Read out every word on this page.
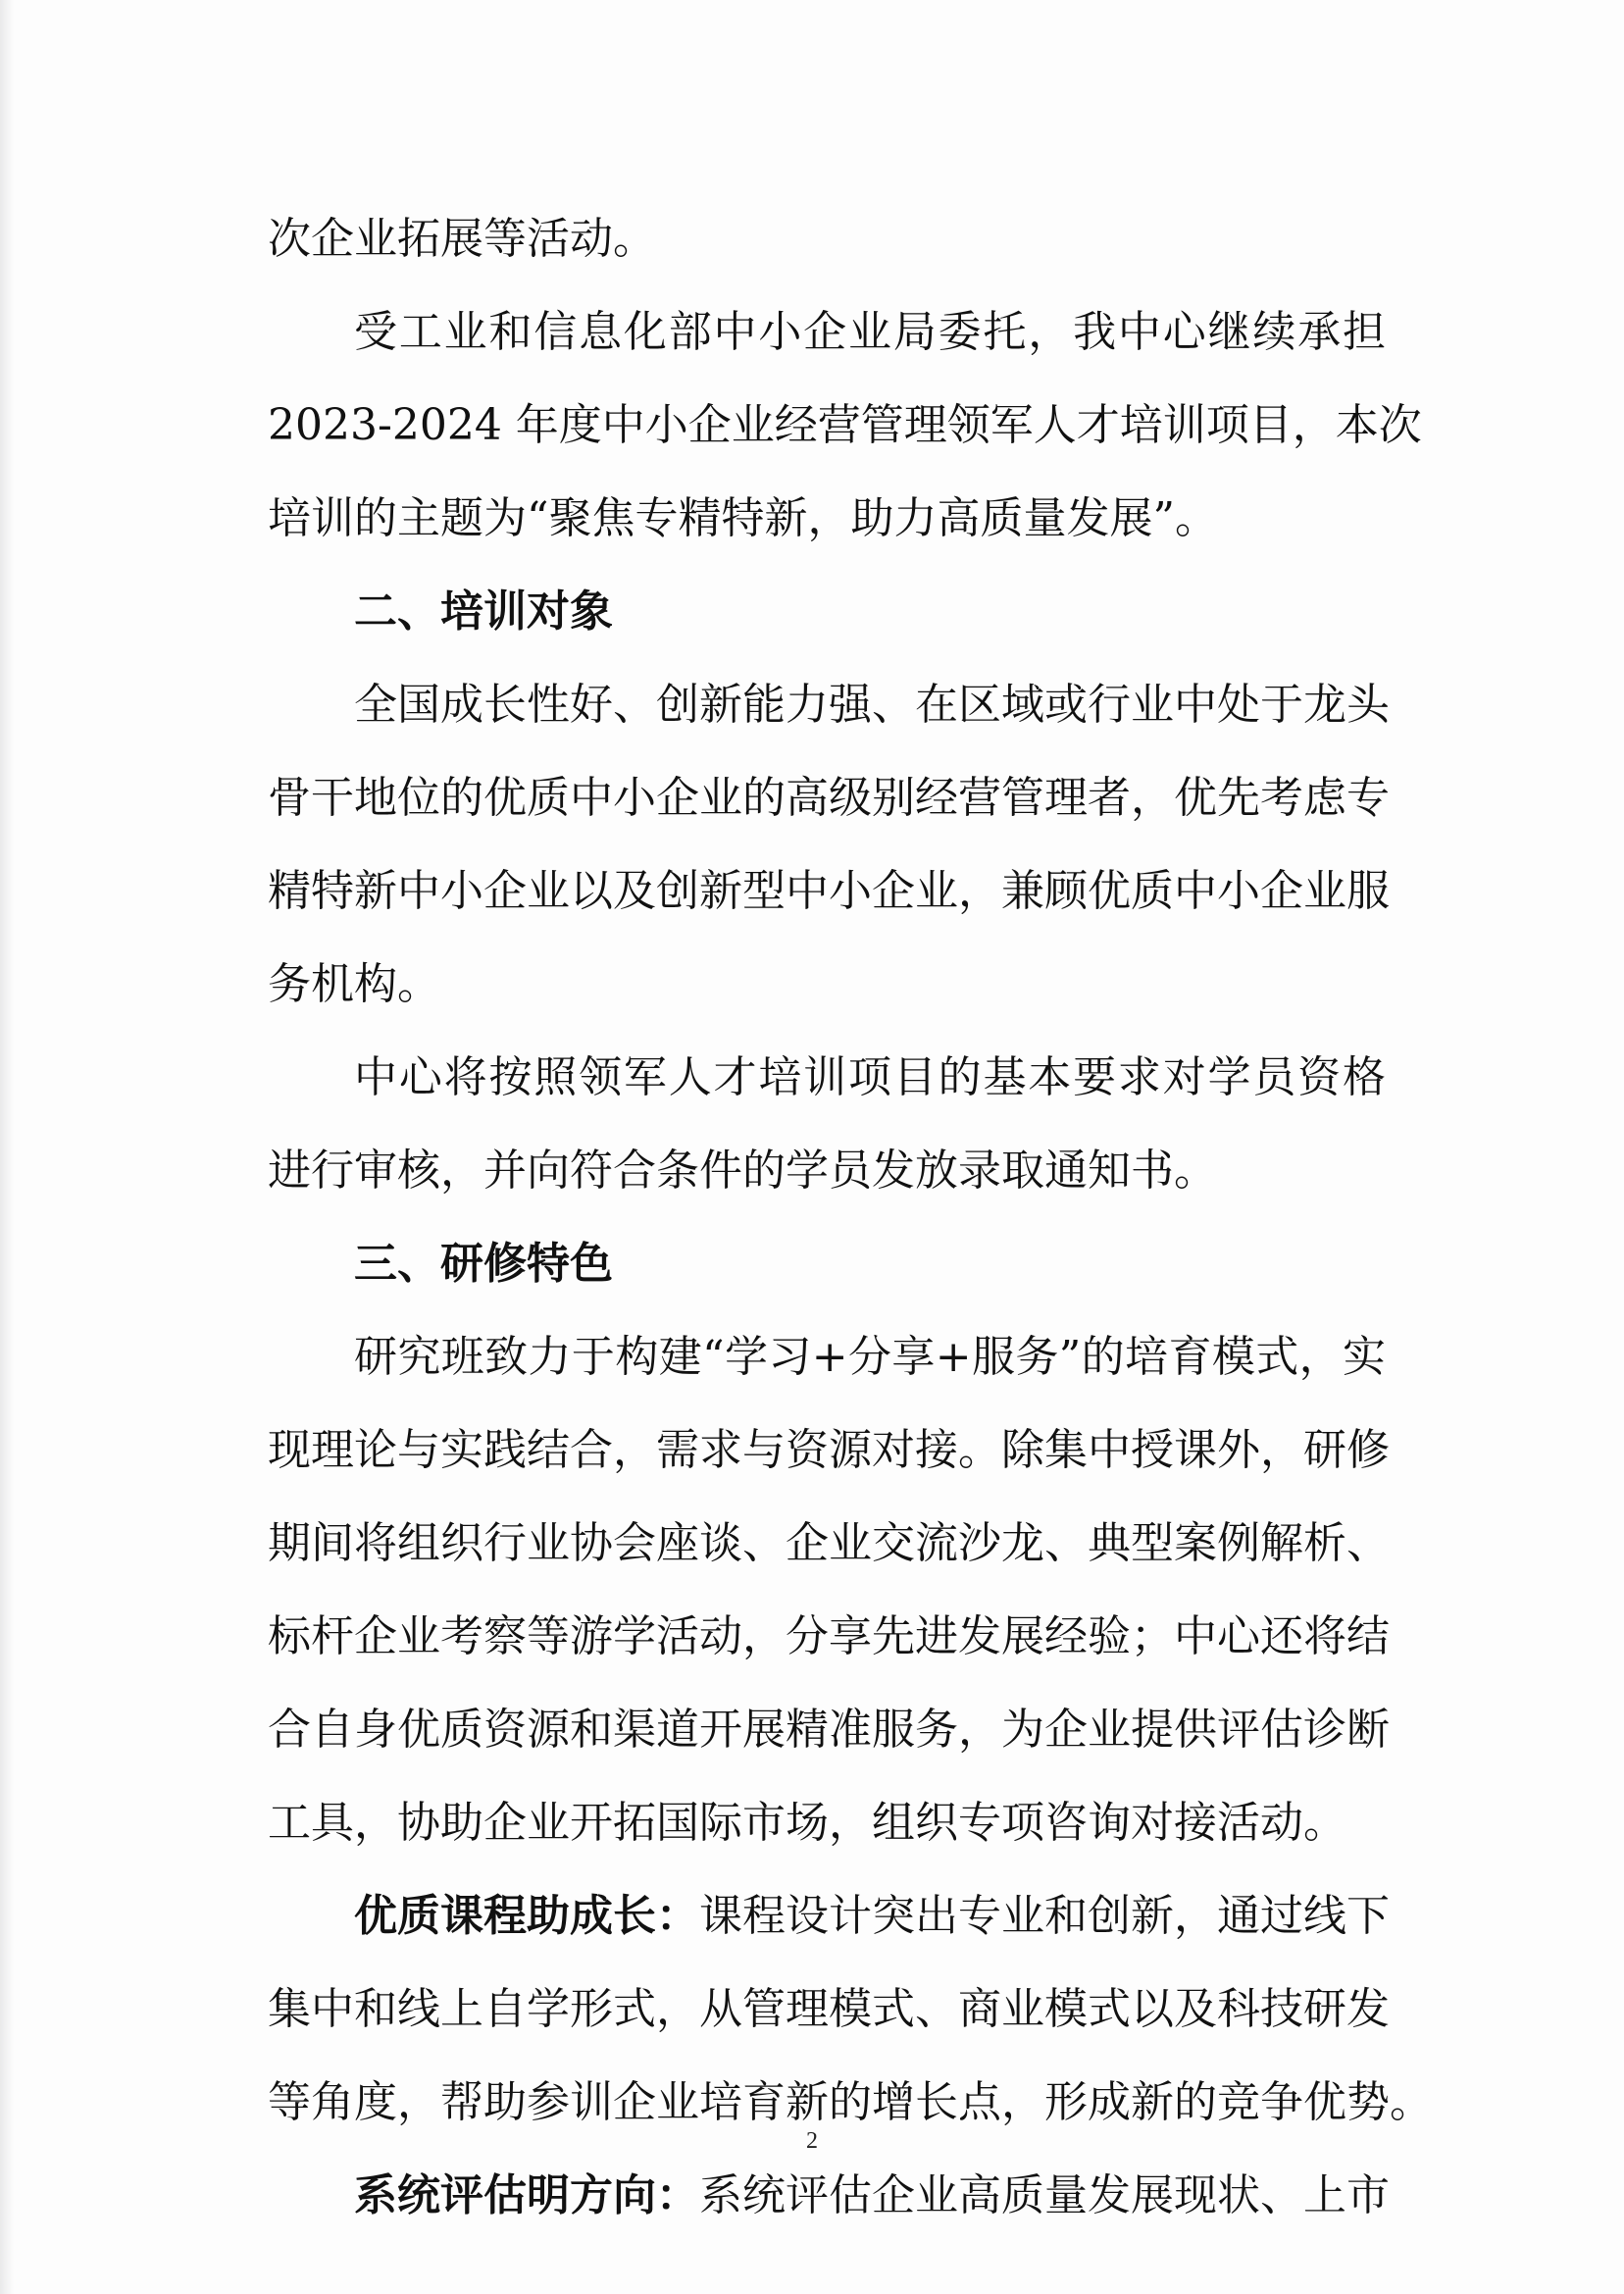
次企业拓展等活动。
受工业和信息化部中小企业局委托，我中心继续承担
2023-2024 年度中小企业经营管理领军人才培训项目，本次
培训的主题为“聚焦专精特新，助力高质量发展”。
二、培训对象
全国成长性好、创新能力强、在区域或行业中处于龙头
骨干地位的优质中小企业的高级别经营管理者，优先考虑专
精特新中小企业以及创新型中小企业，兼顾优质中小企业服
务机构。
中心将按照领军人才培训项目的基本要求对学员资格
进行审核，并向符合条件的学员发放录取通知书。
三、研修特色
研究班致力于构建“学习+分享+服务”的培育模式，实
现理论与实践结合，需求与资源对接。除集中授课外，研修
期间将组织行业协会座谈、企业交流沙龙、典型案例解析、
标杆企业考察等游学活动，分享先进发展经验；中心还将结
合自身优质资源和渠道开展精准服务，为企业提供评估诊断
工具，协助企业开拓国际市场，组织专项咨询对接活动。
优质课程助成长：课程设计突出专业和创新，通过线下
集中和线上自学形式，从管理模式、商业模式以及科技研发
等角度，帮助参训企业培育新的增长点，形成新的竞争优势。
系统评估明方向：系统评估企业高质量发展现状、上市
2
